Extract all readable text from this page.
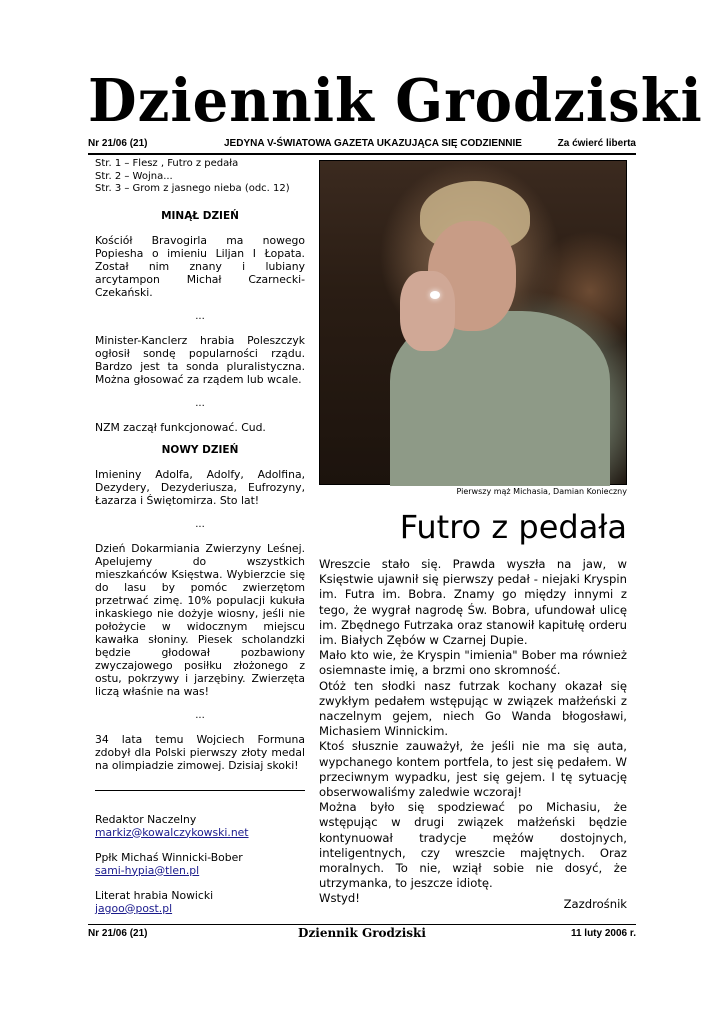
Dziennik Grodziski
Nr 21/06 (21)	JEDYNA V-ŚWIATOWA GAZETA UKAZUJĄCA SIĘ CODZIENNIE	Za ćwierć liberta
Str. 1 – Flesz , Futro z pedała
Str. 2 – Wojna...
Str. 3 – Grom z jasnego nieba (odc. 12)
MINĄŁ DZIEŃ

Kościół Bravogirla ma nowego Popiesha o imieniu Liljan I Łopata. Został nim znany i lubiany arcytampon Michał Czarnecki-Czekański.

...

Minister-Kanclerz hrabia Poleszczyk ogłosił sondę popularności rządu. Bardzo jest ta sonda pluralistyczna. Można głosować za rządem lub wcale.

...

NZM zaczął funkcjonować. Cud.

NOWY DZIEŃ

Imieniny Adolfa, Adolfy, Adolfina, Dezydery, Dezyderiusza, Eufrozyny, Łazarza i Świętomirza. Sto lat!

...

Dzień Dokarmiania Zwierzyny Leśnej. Apelujemy do wszystkich mieszkańców Księstwa. Wybierzcie się do lasu by pomóc zwierzętom przetrwać zimę. 10% populacji kukuła inkaskiego nie dożyje wiosny, jeśli nie położycie w widocznym miejscu kawałka słoniny. Piesek scholandzki będzie głodował pozbawiony zwyczajowego posiłku złożonego z ostu, pokrzywy i jarzębiny. Zwierzęta liczą właśnie na was!

...

34 lata temu Wojciech Formuna zdobył dla Polski pierwszy złoty medal na olimpiadzie zimowej. Dzisiaj skoki!

Redaktor Naczelny
markiz@kowalczykowski.net
Ppłk Michaś Winnicki-Bober
sami-hypia@tlen.pl
Literat hrabia Nowicki
jagoo@post.pl
Pierwszy mąż Michasia, Damian Konieczny
Futro z pedała

Wreszcie stało się. Prawda wyszła na jaw, w Księstwie ujawnił się pierwszy pedał - niejaki Kryspin im. Futra im. Bobra. Znamy go między innymi z tego, że wygrał nagrodę Św. Bobra, ufundował ulicę im. Zbędnego Futrzaka oraz stanowił kapitułę orderu im. Białych Zębów w Czarnej Dupie.

Mało kto wie, że Kryspin "imienia" Bober ma również osiemnaste imię, a brzmi ono skromność.

Otóż ten słodki nasz futrzak kochany okazał się zwykłym pedałem wstępując w związek małżeński z naczelnym gejem, niech Go Wanda błogosławi, Michasiem Winnickim.

Ktoś słusznie zauważył, że jeśli nie ma się auta, wypchanego kontem portfela, to jest się pedałem. W przeciwnym wypadku, jest się gejem. I tę sytuację obserwowaliśmy zaledwie wczoraj!

Można było się spodziewać po Michasiu, że wstępując w drugi związek małżeński będzie kontynuował tradycje mężów dostojnych, inteligentnych, czy wreszcie majętnych. Oraz moralnych. To nie, wziął sobie nie dosyć, że utrzymanka, to jeszcze idiotę.

Wstyd!	Zazdrośnik
Nr 21/06 (21)	Dziennik Grodziski	11 luty 2006 r.
